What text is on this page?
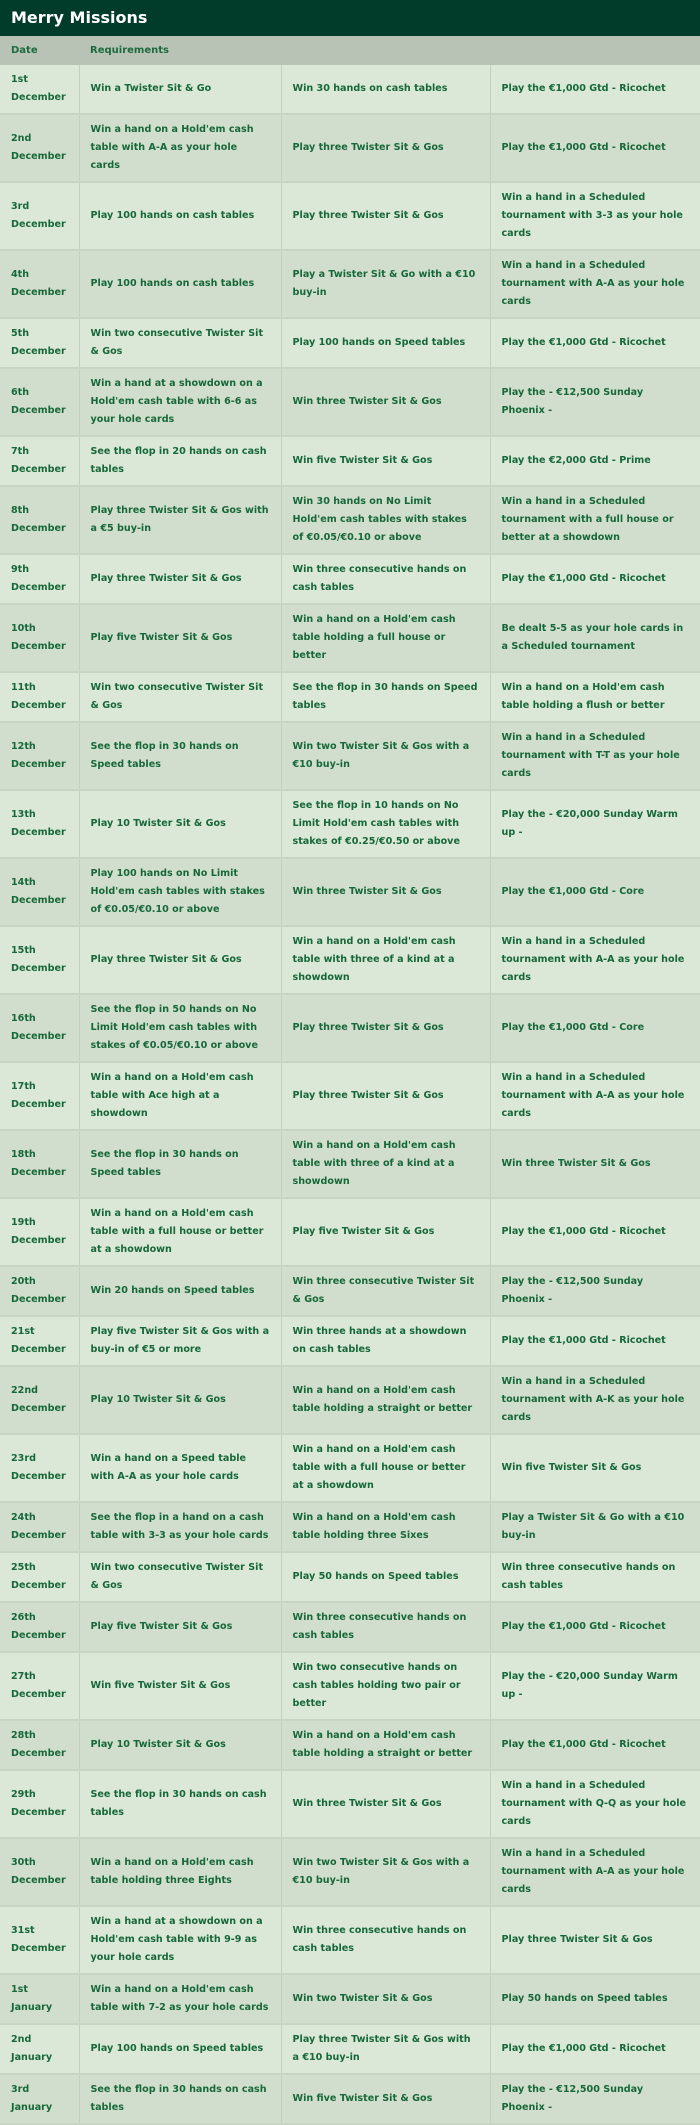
Merry Missions
Date	Requirements		

1st
December	Win a Twister Sit & Go	Win 30 hands on cash tables	Play the €1,000 Gtd - Ricochet

2nd
December	Win a hand on a Hold'em cash table with A-A as your hole cards	Play three Twister Sit & Gos	Play the €1,000 Gtd - Ricochet

3rd
December	Play 100 hands on cash tables	Play three Twister Sit & Gos	Win a hand in a Scheduled tournament with 3-3 as your hole cards

4th
December	Play 100 hands on cash tables	Play a Twister Sit & Go with a €10 buy-in	Win a hand in a Scheduled tournament with A-A as your hole cards

5th
December	Win two consecutive Twister Sit & Gos	Play 100 hands on Speed tables	Play the €1,000 Gtd - Ricochet

6th
December	Win a hand at a showdown on a Hold'em cash table with 6-6 as your hole cards	Win three Twister Sit & Gos	Play the - €12,500 Sunday Phoenix -

7th
December	See the flop in 20 hands on cash tables	Win five Twister Sit & Gos	Play the €2,000 Gtd - Prime

8th
December	Play three Twister Sit & Gos with a €5 buy-in	Win 30 hands on No Limit Hold'em cash tables with stakes of €0.05/€0.10 or above	Win a hand in a Scheduled tournament with a full house or better at a showdown

9th
December	Play three Twister Sit & Gos	Win three consecutive hands on cash tables	Play the €1,000 Gtd - Ricochet

10th
December	Play five Twister Sit & Gos	Win a hand on a Hold'em cash table holding a full house or better	Be dealt 5-5 as your hole cards in a Scheduled tournament

11th
December	Win two consecutive Twister Sit & Gos	See the flop in 30 hands on Speed tables	Win a hand on a Hold'em cash table holding a flush or better

12th
December	See the flop in 30 hands on Speed tables	Win two Twister Sit & Gos with a €10 buy-in	Win a hand in a Scheduled tournament with T-T as your hole cards

13th
December	Play 10 Twister Sit & Gos	See the flop in 10 hands on No Limit Hold'em cash tables with stakes of €0.25/€0.50 or above	Play the - €20,000 Sunday Warm up -

14th
December	Play 100 hands on No Limit Hold'em cash tables with stakes of €0.05/€0.10 or above	Win three Twister Sit & Gos	Play the €1,000 Gtd - Core

15th
December	Play three Twister Sit & Gos	Win a hand on a Hold'em cash table with three of a kind at a showdown	Win a hand in a Scheduled tournament with A-A as your hole cards

16th
December	See the flop in 50 hands on No Limit Hold'em cash tables with stakes of €0.05/€0.10 or above	Play three Twister Sit & Gos	Play the €1,000 Gtd - Core

17th
December	Win a hand on a Hold'em cash table with Ace high at a showdown	Play three Twister Sit & Gos	Win a hand in a Scheduled tournament with A-A as your hole cards

18th
December	See the flop in 30 hands on Speed tables	Win a hand on a Hold'em cash table with three of a kind at a showdown	Win three Twister Sit & Gos

19th
December	Win a hand on a Hold'em cash table with a full house or better at a showdown	Play five Twister Sit & Gos	Play the €1,000 Gtd - Ricochet

20th
December	Win 20 hands on Speed tables	Win three consecutive Twister Sit & Gos	Play the - €12,500 Sunday Phoenix -

21st
December	Play five Twister Sit & Gos with a buy-in of €5 or more	Win three hands at a showdown on cash tables	Play the €1,000 Gtd - Ricochet

22nd
December	Play 10 Twister Sit & Gos	Win a hand on a Hold'em cash table holding a straight or better	Win a hand in a Scheduled tournament with A-K as your hole cards

23rd
December	Win a hand on a Speed table with A-A as your hole cards	Win a hand on a Hold'em cash table with a full house or better at a showdown	Win five Twister Sit & Gos

24th
December	See the flop in a hand on a cash table with 3-3 as your hole cards	Win a hand on a Hold'em cash table holding three Sixes	Play a Twister Sit & Go with a €10 buy-in

25th
December	Win two consecutive Twister Sit & Gos	Play 50 hands on Speed tables	Win three consecutive hands on cash tables

26th
December	Play five Twister Sit & Gos	Win three consecutive hands on cash tables	Play the €1,000 Gtd - Ricochet

27th
December	Win five Twister Sit & Gos	Win two consecutive hands on cash tables holding two pair or better	Play the - €20,000 Sunday Warm up -

28th
December	Play 10 Twister Sit & Gos	Win a hand on a Hold'em cash table holding a straight or better	Play the €1,000 Gtd - Ricochet

29th
December	See the flop in 30 hands on cash tables	Win three Twister Sit & Gos	Win a hand in a Scheduled tournament with Q-Q as your hole cards

30th
December	Win a hand on a Hold'em cash table holding three Eights	Win two Twister Sit & Gos with a €10 buy-in	Win a hand in a Scheduled tournament with A-A as your hole cards

31st
December	Win a hand at a showdown on a Hold'em cash table with 9-9 as your hole cards	Win three consecutive hands on cash tables	Play three Twister Sit & Gos

1st
January	Win a hand on a Hold'em cash table with 7-2 as your hole cards	Win two Twister Sit & Gos	Play 50 hands on Speed tables

2nd
January	Play 100 hands on Speed tables	Play three Twister Sit & Gos with a €10 buy-in	Play the €1,000 Gtd - Ricochet

3rd
January	See the flop in 30 hands on cash tables	Win five Twister Sit & Gos	Play the - €12,500 Sunday Phoenix -
